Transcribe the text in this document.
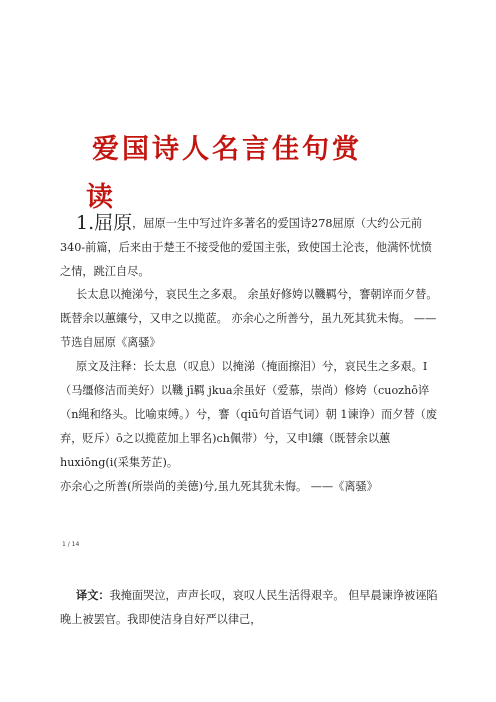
爱国诗人名言佳句赏
读

1.屈原，屈原一生中写过许多著名的爱国诗278屈原（大约公元前340-前篇，后来由于楚王不接受他的爱国主张，致使国土沦丧，他满怀忧愤 之情，跳江自尽。

长太息以掩涕兮，哀民生之多艰。 余虽好修姱以鞿羁兮，謇朝谇而夕替。 既替余以蕙纕兮，又申之以揽茝。 亦余心之所善兮，虽九死其犹未悔。 ——节选自屈原《离骚》

原文及注释：长太息（叹息）以掩涕（掩面擦泪）兮，哀民生之多艰。I（马缰修洁而美好）以鞿 jī羁 jkua余虽好（爱慕，崇尚）修姱（cuozhō谇（n绳和络头。比喻束缚。）兮，謇（qiū句首语气词）朝 1谏诤）而夕替（废弃，贬斥）ō之以揽茝加上罪名)ch佩带）兮，又申l纕（既替余以蕙 huxiōng(i(采集芳芷)。

亦余心之所善(所崇尚的美德)兮,虽九死其犹未悔。 ——《离骚》

1 / 14

译文：我掩面哭泣，声声长叹，哀叹人民生活得艰辛。 但早晨谏诤被诬陷晚上被罢官。我即使洁身自好严以律己，
